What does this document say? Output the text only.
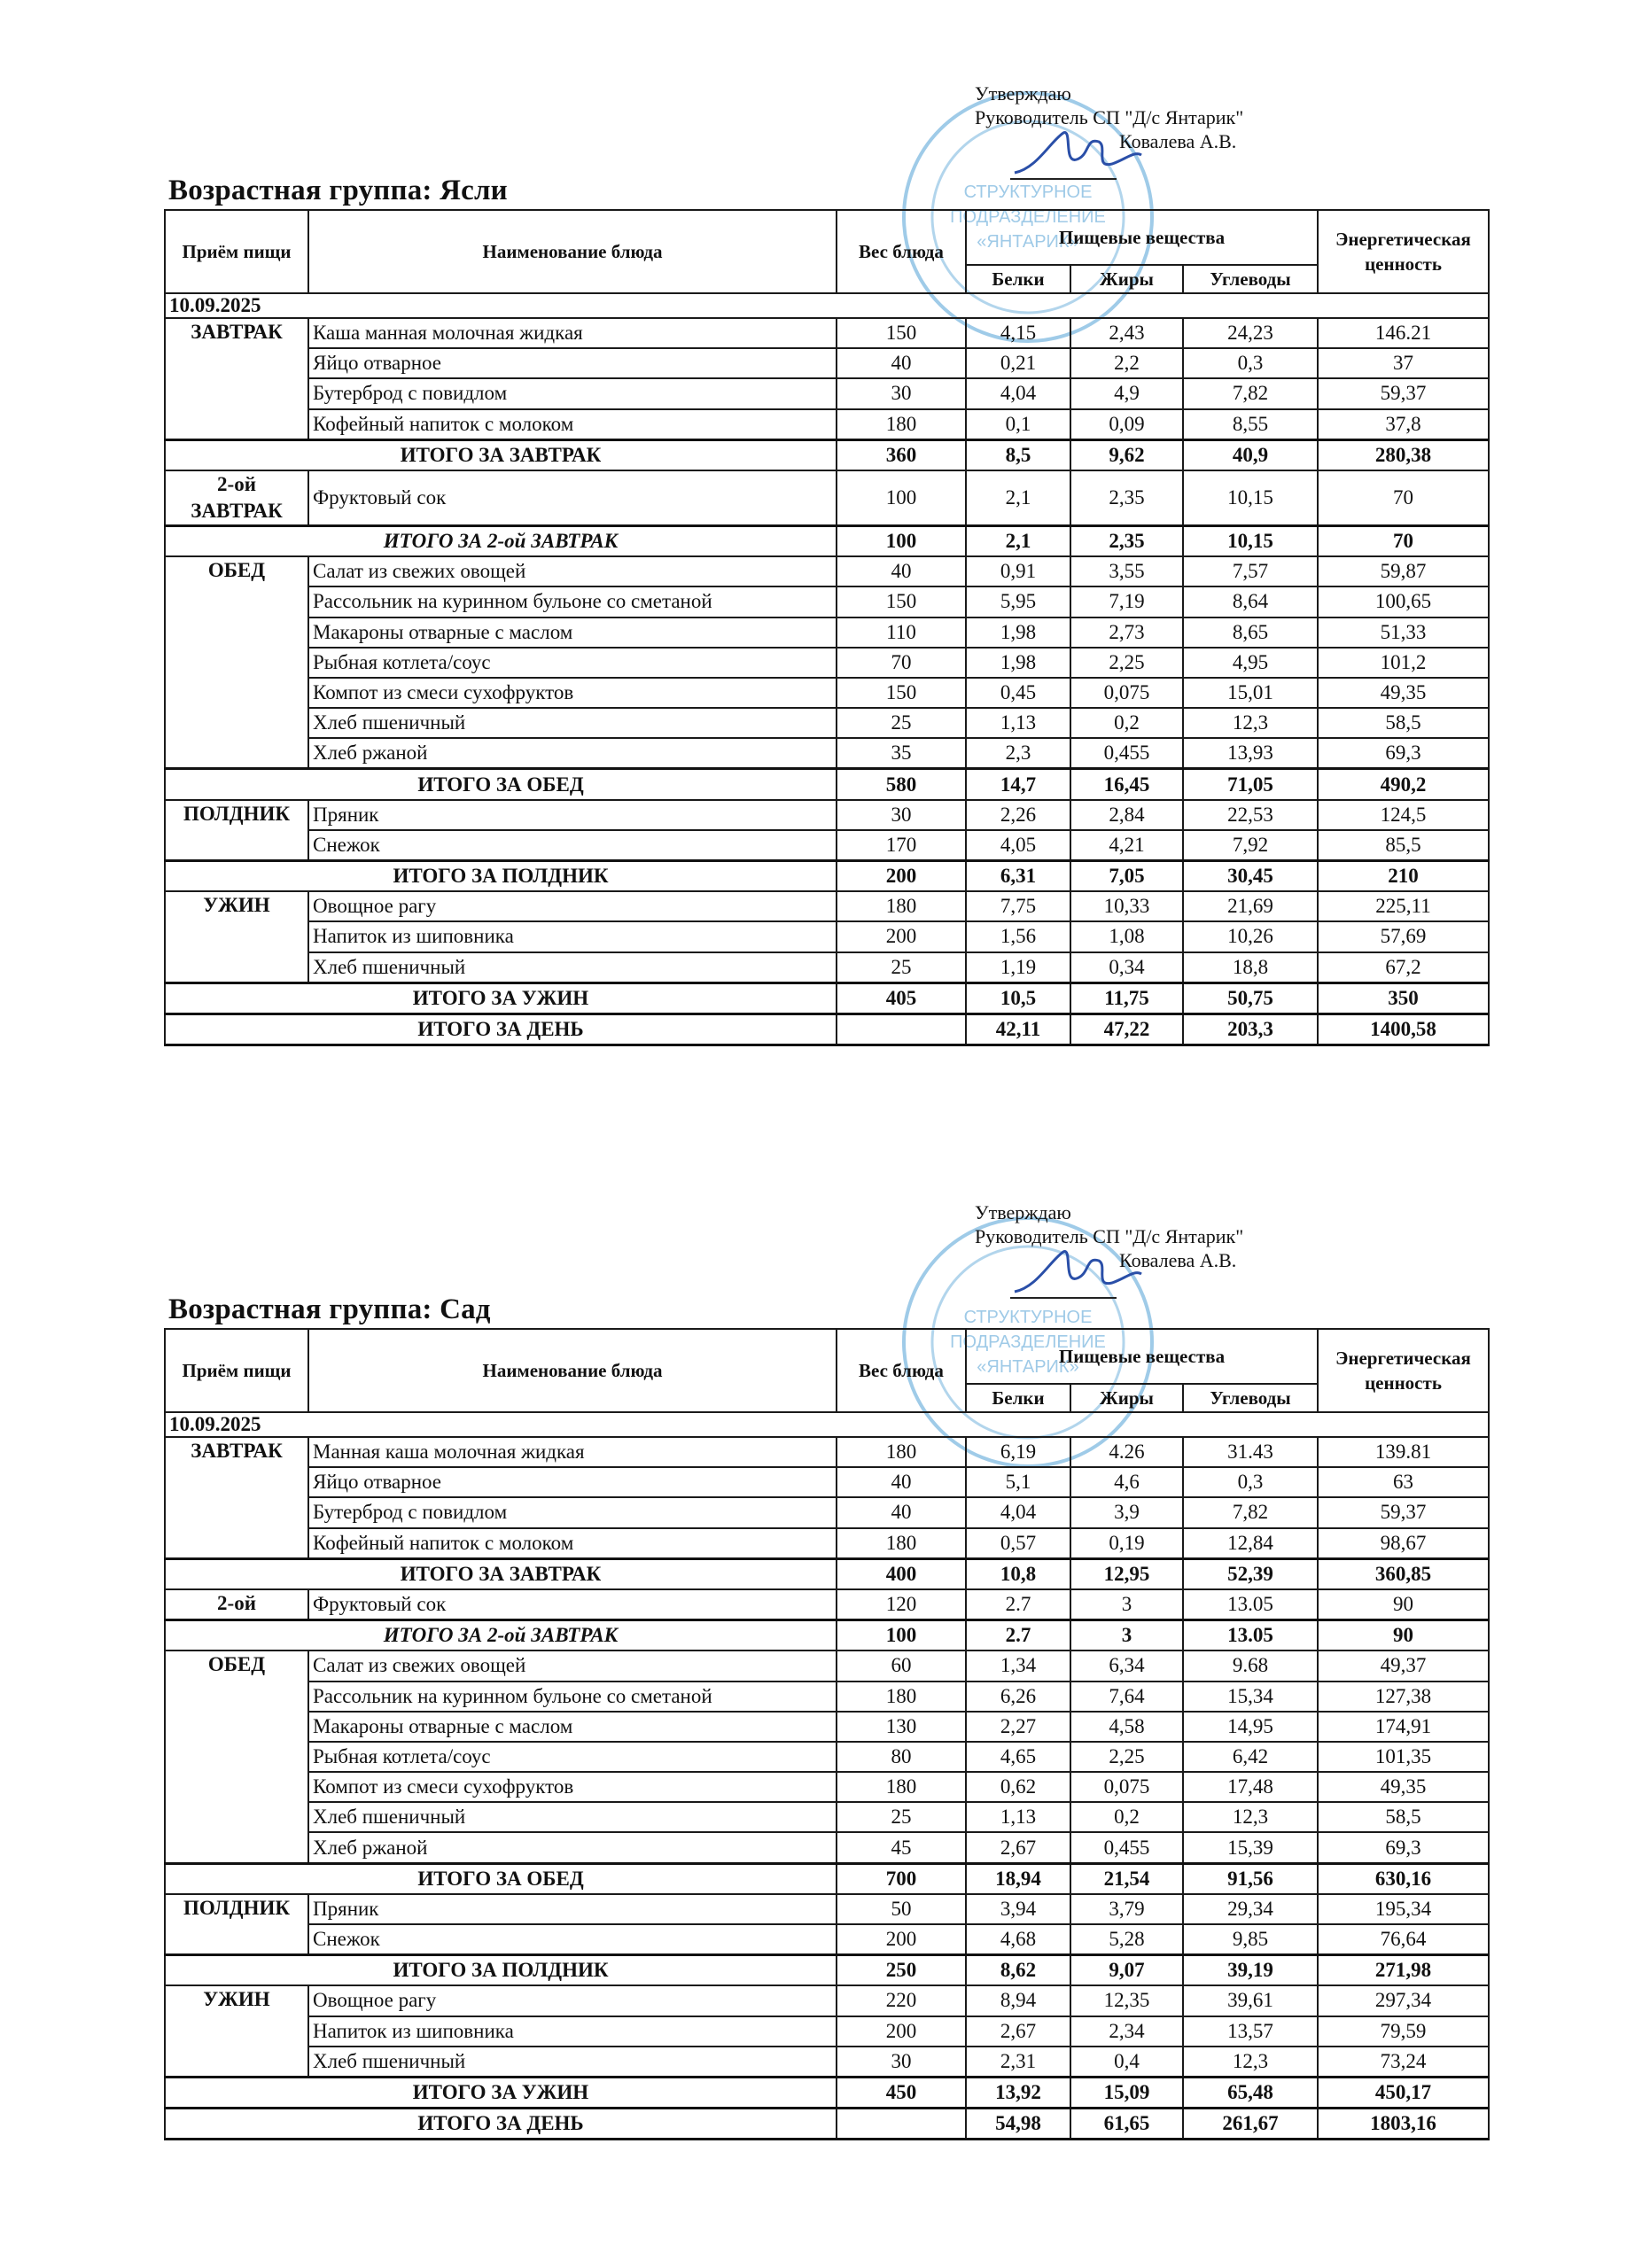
СТРУКТУРНОЕ
ПОДРАЗДЕЛЕНИЕ
«ЯНТАРИК»
Утверждаю
Руководитель СП "Д/с Янтарик"
Ковалева А.В.
Возрастная группа: Ясли
Приём пищи	Наименование блюда	Вес блюда	Пищевые вещества			Энергетическая ценность
			Белки	Жиры	Углеводы	
10.09.2025						
ЗАВТРАК	Каша манная молочная жидкая	150	4,15	2,43	24,23	146.21
	Яйцо отварное	40	0,21	2,2	0,3	37
	Бутерброд с повидлом	30	4,04	4,9	7,82	59,37
	Кофейный напиток с молоком	180	0,1	0,09	8,55	37,8
ИТОГО ЗА ЗАВТРАК		360	8,5	9,62	40,9	280,38
2-ой ЗАВТРАК	Фруктовый сок	100	2,1	2,35	10,15	70
ИТОГО ЗА 2-ой ЗАВТРАК		100	2,1	2,35	10,15	70
ОБЕД	Салат из свежих овощей	40	0,91	3,55	7,57	59,87
	Рассольник на куринном бульоне со сметаной	150	5,95	7,19	8,64	100,65
	Макароны отварные с маслом	110	1,98	2,73	8,65	51,33
	Рыбная котлета/соус	70	1,98	2,25	4,95	101,2
	Компот из смеси сухофруктов	150	0,45	0,075	15,01	49,35
	Хлеб пшеничный	25	1,13	0,2	12,3	58,5
	Хлеб ржаной	35	2,3	0,455	13,93	69,3
ИТОГО ЗА ОБЕД		580	14,7	16,45	71,05	490,2
ПОЛДНИК	Пряник	30	2,26	2,84	22,53	124,5
	Снежок	170	4,05	4,21	7,92	85,5
ИТОГО ЗА ПОЛДНИК		200	6,31	7,05	30,45	210
УЖИН	Овощное рагу	180	7,75	10,33	21,69	225,11
	Напиток из шиповника	200	1,56	1,08	10,26	57,69
	Хлеб пшеничный	25	1,19	0,34	18,8	67,2
ИТОГО ЗА УЖИН		405	10,5	11,75	50,75	350
ИТОГО ЗА ДЕНЬ			42,11	47,22	203,3	1400,58
СТРУКТУРНОЕ
ПОДРАЗДЕЛЕНИЕ
«ЯНТАРИК»
Утверждаю
Руководитель СП "Д/с Янтарик"
Ковалева А.В.
Возрастная группа: Сад
Приём пищи	Наименование блюда	Вес блюда	Пищевые вещества			Энергетическая ценность
			Белки	Жиры	Углеводы	
10.09.2025						
ЗАВТРАК	Манная каша молочная жидкая	180	6,19	4.26	31.43	139.81
	Яйцо отварное	40	5,1	4,6	0,3	63
	Бутерброд с повидлом	40	4,04	3,9	7,82	59,37
	Кофейный напиток с молоком	180	0,57	0,19	12,84	98,67
ИТОГО ЗА ЗАВТРАК		400	10,8	12,95	52,39	360,85
2-ой	Фруктовый сок	120	2.7	3	13.05	90
ИТОГО ЗА 2-ой ЗАВТРАК		100	2.7	3	13.05	90
ОБЕД	Салат из свежих овощей	60	1,34	6,34	9.68	49,37
	Рассольник на куринном бульоне со сметаной	180	6,26	7,64	15,34	127,38
	Макароны отварные с маслом	130	2,27	4,58	14,95	174,91
	Рыбная котлета/соус	80	4,65	2,25	6,42	101,35
	Компот из смеси сухофруктов	180	0,62	0,075	17,48	49,35
	Хлеб пшеничный	25	1,13	0,2	12,3	58,5
	Хлеб ржаной	45	2,67	0,455	15,39	69,3
ИТОГО ЗА ОБЕД		700	18,94	21,54	91,56	630,16
ПОЛДНИК	Пряник	50	3,94	3,79	29,34	195,34
	Снежок	200	4,68	5,28	9,85	76,64
ИТОГО ЗА ПОЛДНИК		250	8,62	9,07	39,19	271,98
УЖИН	Овощное рагу	220	8,94	12,35	39,61	297,34
	Напиток из шиповника	200	2,67	2,34	13,57	79,59
	Хлеб пшеничный	30	2,31	0,4	12,3	73,24
ИТОГО ЗА УЖИН		450	13,92	15,09	65,48	450,17
ИТОГО ЗА ДЕНЬ			54,98	61,65	261,67	1803,16
